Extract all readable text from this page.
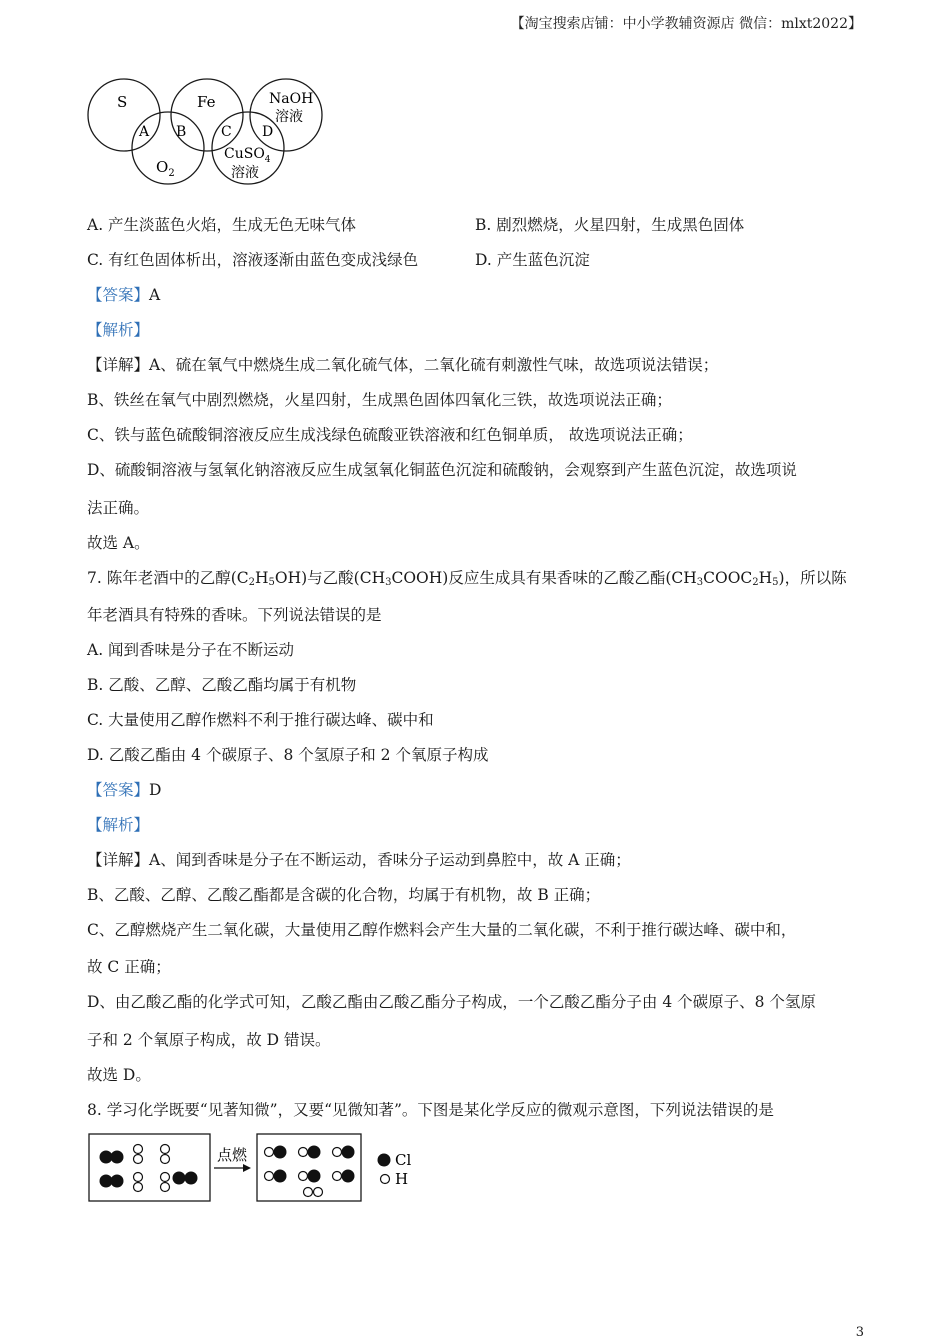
【淘宝搜索店铺：中小学教辅资源店 微信：mlxt2022】
S	Fe	NaOH
溶液
$O_2$
CuSO$_4$
溶液
A B C D
A. 产生淡蓝色火焰，生成无色无味气体	B. 剧烈燃烧，火星四射，生成黑色固体
C. 有红色固体析出，溶液逐渐由蓝色变成浅绿色	D. 产生蓝色沉淀
【答案】A
【解析】
【详解】A、硫在氧气中燃烧生成二氧化硫气体，二氧化硫有刺激性气味，故选项说法错误；
B、铁丝在氧气中剧烈燃烧，火星四射，生成黑色固体四氧化三铁，故选项说法正确；
C、铁与蓝色硫酸铜溶液反应生成浅绿色硫酸亚铁溶液和红色铜单质， 故选项说法正确；
D、硫酸铜溶液与氢氧化钠溶液反应生成氢氧化铜蓝色沉淀和硫酸钠，会观察到产生蓝色沉淀，故选项说
法正确。
故选 A。
7. 陈年老酒中的乙醇$(C_2H_5OH)$与乙酸$(CH_3COOH)$反应生成具有果香味的乙酸乙酯$(CH_3COOC_2H_5)$，所以陈
年老酒具有特殊的香味。下列说法错误的是
A. 闻到香味是分子在不断运动
B. 乙酸、乙醇、乙酸乙酯均属于有机物
C. 大量使用乙醇作燃料不利于推行碳达峰、碳中和
D. 乙酸乙酯由 4 个碳原子、8 个氢原子和 2 个氧原子构成
【答案】D
【解析】
【详解】A、闻到香味是分子在不断运动，香味分子运动到鼻腔中，故 A 正确；
B、乙酸、乙醇、乙酸乙酯都是含碳的化合物，均属于有机物，故 B 正确；
C、乙醇燃烧产生二氧化碳，大量使用乙醇作燃料会产生大量的二氧化碳，不利于推行碳达峰、碳中和，
故 C 正确；
D、由乙酸乙酯的化学式可知，乙酸乙酯由乙酸乙酯分子构成，一个乙酸乙酯分子由 4 个碳原子、8 个氢原
子和 2 个氧原子构成，故 D 错误。
故选 D。
8. 学习化学既要“见著知微”，又要“见微知著”。下图是某化学反应的微观示意图，下列说法错误的是
点燃	Cl
H
3
